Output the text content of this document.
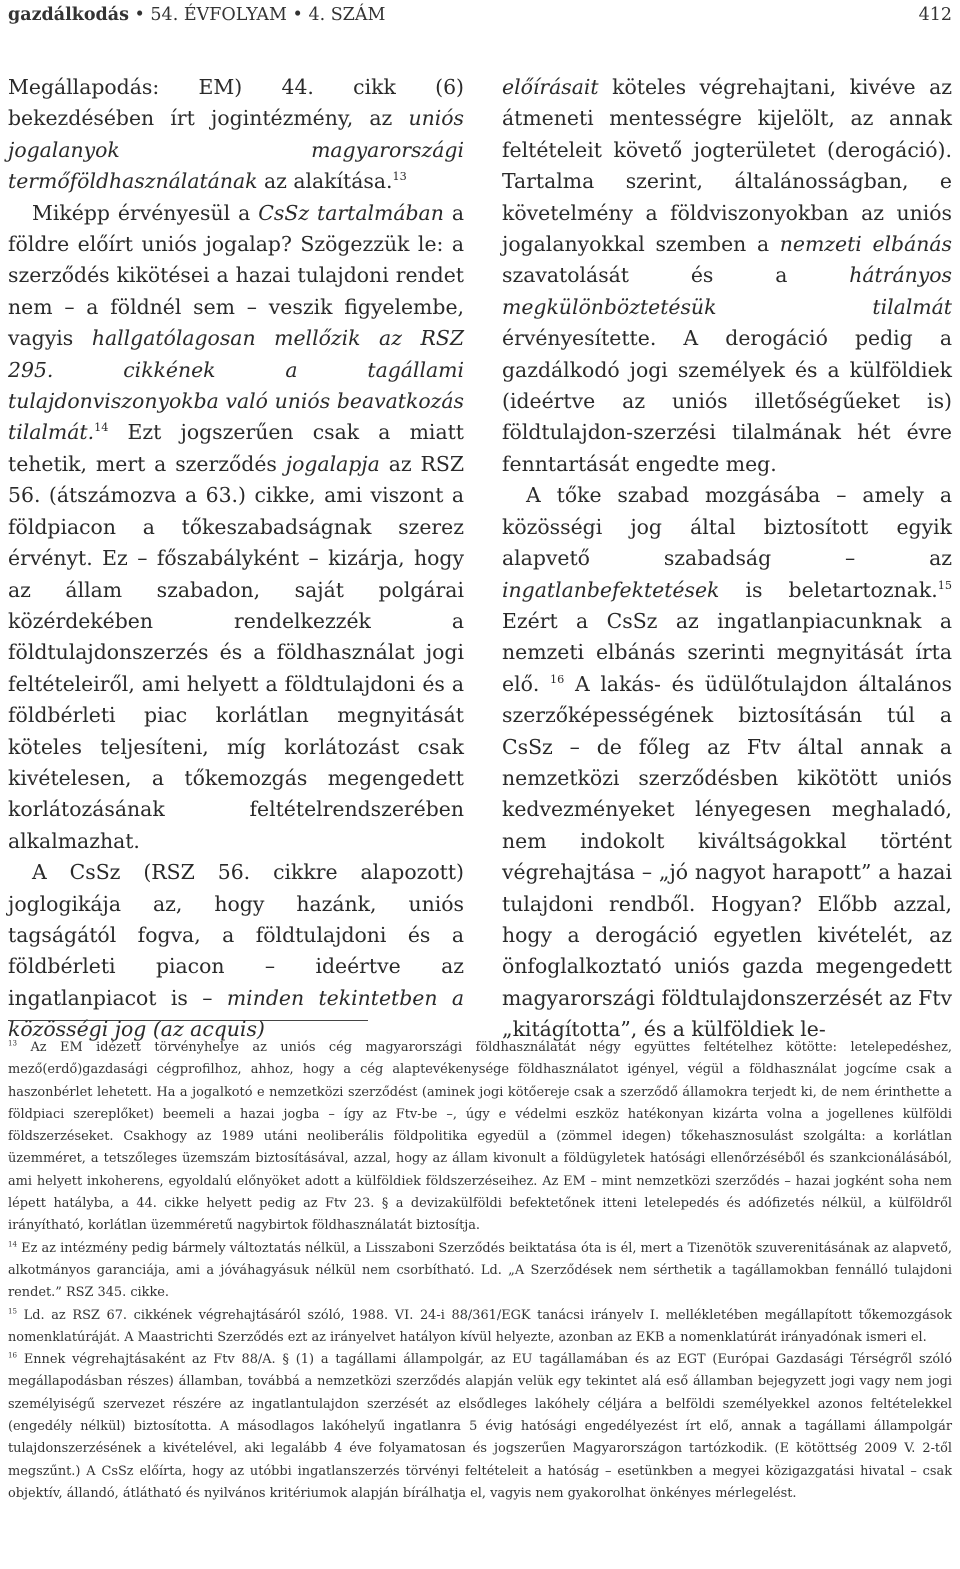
gazdálkodás • 54. ÉVFOLYAM • 4. SZÁM	412

Megállapodás: EM) 44. cikk (6) bekezdésében írt jogintézmény, az uniós jogalanyok magyarországi termőföldhasználatának az alakítása.$^{13}$

Miképp érvényesül a CsSz tartalmában a földre előírt uniós jogalap? Szögezzük le: a szerződés kikötései a hazai tulajdoni rendet nem – a földnél sem – veszik figyelembe, vagyis hallgatólagosan mellőzik az RSZ 295. cikkének a tagállami tulajdonviszonyokba való uniós beavatkozás tilalmát.$^{14}$ Ezt jogszerűen csak a miatt tehetik, mert a szerződés jogalapja az RSZ 56. (átszámozva a 63.) cikke, ami viszont a földpiacon a tőkeszabadságnak szerez érvényt. Ez – főszabályként – kizárja, hogy az állam szabadon, saját polgárai közérdekében rendelkezzék a földtulajdonszerzés és a földhasználat jogi feltételeiről, ami helyett a földtulajdoni és a földbérleti piac korlátlan megnyitását köteles teljesíteni, míg korlátozást csak kivételesen, a tőkemozgás megengedett korlátozásának feltételrendszerében alkalmazhat.

A CsSz (RSZ 56. cikkre alapozott) joglogikája az, hogy hazánk, uniós tagságától fogva, a földtulajdoni és a földbérleti piacon – ideértve az ingatlanpiacot is – minden tekintetben a közösségi jog (az acquis)

előírásait köteles végrehajtani, kivéve az átmeneti mentességre kijelölt, az annak feltételeit követő jogterületet (derogáció). Tartalma szerint, általánosságban, e követelmény a földviszonyokban az uniós jogalanyokkal szemben a nemzeti elbánás szavatolását és a hátrányos megkülönböztetésük tilalmát érvényesítette. A derogáció pedig a gazdálkodó jogi személyek és a külföldiek (ideértve az uniós illetőségűeket is) földtulajdon-szerzési tilalmának hét évre fenntartását engedte meg.

A tőke szabad mozgásába – amely a közösségi jog által biztosított egyik alapvető szabadság – az ingatlanbefektetések is beletartoznak.$^{15}$ Ezért a CsSz az ingatlanpiacunknak a nemzeti elbánás szerinti megnyitását írta elő. $^{16}$ A lakás- és üdülőtulajdon általános szerzőképességének biztosításán túl a CsSz – de főleg az Ftv által annak a nemzetközi szerződésben kikötött uniós kedvezményeket lényegesen meghaladó, nem indokolt kiváltságokkal történt végrehajtása – „jó nagyot harapott” a hazai tulajdoni rendből. Hogyan? Előbb azzal, hogy a derogáció egyetlen kivételét, az önfoglalkoztató uniós gazda megengedett magyarországi földtulajdonszerzését az Ftv „kitágította”, és a külföldiek le-

$^{13}$ Az EM idézett törvényhelye az uniós cég magyarországi földhasználatát négy együttes feltételhez kötötte: letelepedéshez, mező(erdő)gazdasági cégprofilhoz, ahhoz, hogy a cég alaptevékenysége földhasználatot igényel, végül a földhasználat jogcíme csak a haszonbérlet lehetett. Ha a jogalkotó e nemzetközi szerződést (aminek jogi kötőereje csak a szerződő államokra terjedt ki, de nem érinthette a földpiaci szereplőket) beemeli a hazai jogba – így az Ftv-be –, úgy e védelmi eszköz hatékonyan kizárta volna a jogellenes külföldi földszerzéseket. Csakhogy az 1989 utáni neoliberális földpolitika egyedül a (zömmel idegen) tőkehasznosulást szolgálta: a korlátlan üzemméret, a tetszőleges üzemszám biztosításával, azzal, hogy az állam kivonult a földügyletek hatósági ellenőrzéséből és szankcionálásából, ami helyett inkoherens, egyoldalú előnyöket adott a külföldiek földszerzéseihez. Az EM – mint nemzetközi szerződés – hazai jogként soha nem lépett hatályba, a 44. cikke helyett pedig az Ftv 23. § a devizakülföldi befektetőnek itteni letelepedés és adófizetés nélkül, a külföldről irányítható, korlátlan üzemméretű nagybirtok földhasználatát biztosítja.

$^{14}$ Ez az intézmény pedig bármely változtatás nélkül, a Lisszaboni Szerződés beiktatása óta is él, mert a Tizenötök szuverenitásának az alapvető, alkotmányos garanciája, ami a jóváhagyásuk nélkül nem csorbítható. Ld. „A Szerződések nem sérthetik a tagállamokban fennálló tulajdoni rendet.” RSZ 345. cikke.

$^{15}$ Ld. az RSZ 67. cikkének végrehajtásáról szóló, 1988. VI. 24-i 88/361/EGK tanácsi irányelv I. mellékletében megállapított tőkemozgások nomenklatúráját. A Maastrichti Szerződés ezt az irányelvet hatályon kívül helyezte, azonban az EKB a nomenklatúrát irányadónak ismeri el.

$^{16}$ Ennek végrehajtásaként az Ftv 88/A. § (1) a tagállami állampolgár, az EU tagállamában és az EGT (Európai Gazdasági Térségről szóló megállapodásban részes) államban, továbbá a nemzetközi szerződés alapján velük egy tekintet alá eső államban bejegyzett jogi vagy nem jogi személyiségű szervezet részére az ingatlantulajdon szerzését az elsődleges lakóhely céljára a belföldi személyekkel azonos feltételekkel (engedély nélkül) biztosította. A másodlagos lakóhelyű ingatlanra 5 évig hatósági engedélyezést írt elő, annak a tagállami állampolgár tulajdonszerzésének a kivételével, aki legalább 4 éve folyamatosan és jogszerűen Magyarországon tartózkodik. (E kötöttség 2009 V. 2-től megszűnt.) A CsSz előírta, hogy az utóbbi ingatlanszerzés törvényi feltételeit a hatóság – esetünkben a megyei közigazgatási hivatal – csak objektív, állandó, átlátható és nyilvános kritériumok alapján bírálhatja el, vagyis nem gyakorolhat önkényes mérlegelést.
